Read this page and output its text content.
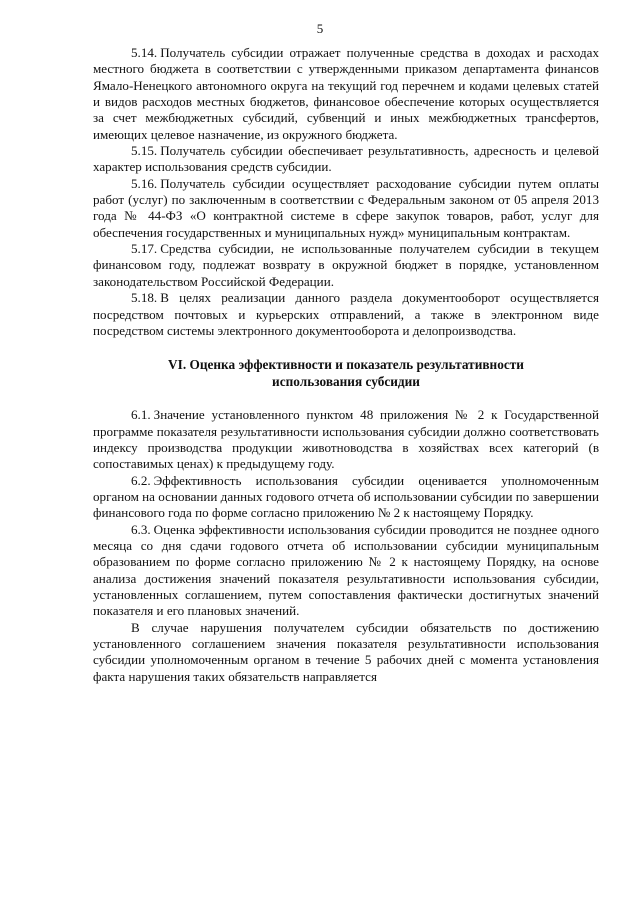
5

5.14. Получатель субсидии отражает полученные средства в доходах и расходах местного бюджета в соответствии с утвержденными приказом департамента финансов Ямало-Ненецкого автономного округа на текущий год перечнем и кодами целевых статей и видов расходов местных бюджетов, финансовое обеспечение которых осуществляется за счет межбюджетных субсидий, субвенций и иных межбюджетных трансфертов, имеющих целевое назначение, из окружного бюджета.

5.15. Получатель субсидии обеспечивает результативность, адресность и целевой характер использования средств субсидии.

5.16. Получатель субсидии осуществляет расходование субсидии путем оплаты работ (услуг) по заключенным в соответствии с Федеральным законом от 05 апреля 2013 года № 44-ФЗ «О контрактной системе в сфере закупок товаров, работ, услуг для обеспечения государственных и муниципальных нужд» муниципальным контрактам.

5.17. Средства субсидии, не использованные получателем субсидии в текущем финансовом году, подлежат возврату в окружной бюджет в порядке, установленном законодательством Российской Федерации.

5.18. В целях реализации данного раздела документооборот осуществляется посредством почтовых и курьерских отправлений, а также в электронном виде посредством системы электронного документооборота и делопроизводства.

VI. Оценка эффективности и показатель результативности
использования субсидии

6.1. Значение установленного пунктом 48 приложения № 2 к Государственной программе показателя результативности использования субсидии должно соответствовать индексу производства продукции животноводства в хозяйствах всех категорий (в сопоставимых ценах) к предыдущему году.

6.2. Эффективность использования субсидии оценивается уполномоченным органом на основании данных годового отчета об использовании субсидии по завершении финансового года по форме согласно приложению № 2 к настоящему Порядку.

6.3. Оценка эффективности использования субсидии проводится не позднее одного месяца со дня сдачи годового отчета об использовании субсидии муниципальным образованием по форме согласно приложению № 2 к настоящему Порядку, на основе анализа достижения значений показателя результативности использования субсидии, установленных соглашением, путем сопоставления фактически достигнутых значений показателя и его плановых значений.

В случае нарушения получателем субсидии обязательств по достижению установленного соглашением значения показателя результативности использования субсидии уполномоченным органом в течение 5 рабочих дней с момента установления факта нарушения таких обязательств направляется
